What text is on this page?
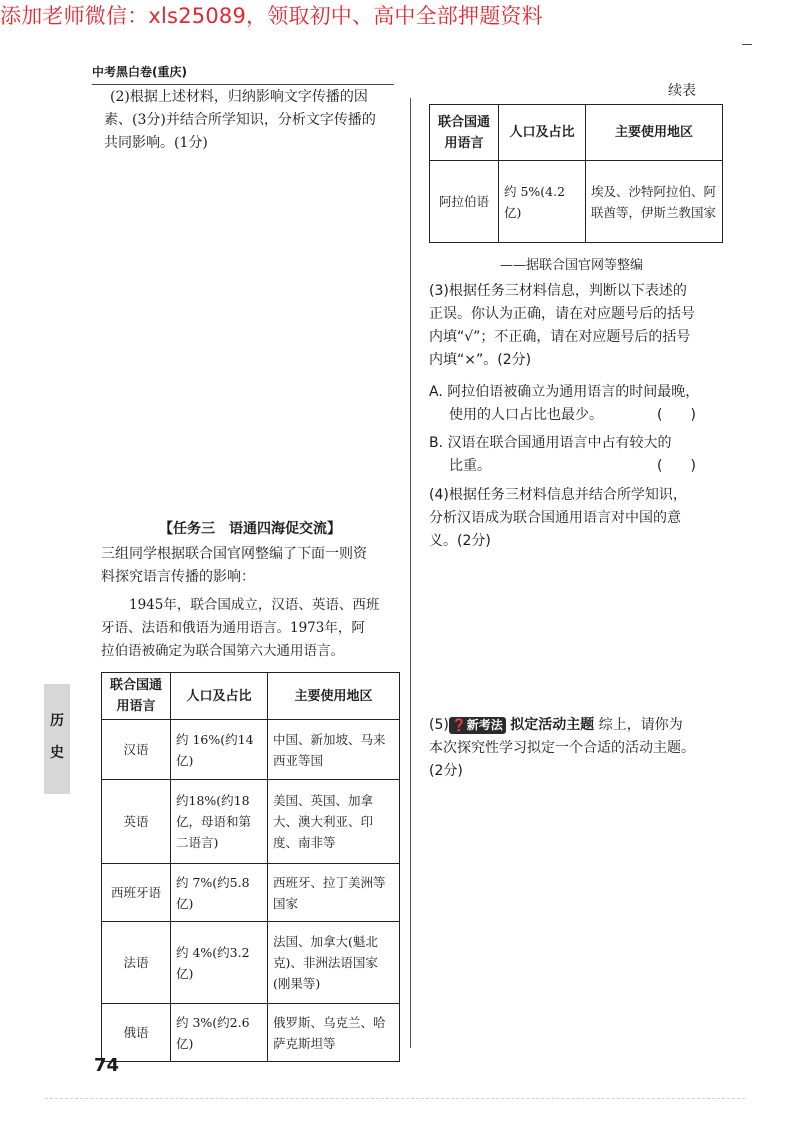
添加老师微信：xls25089，领取初中、高中全部押题资料
中考黑白卷(重庆)
续表
(2)根据上述材料，归纳影响文字传播的因
素、(3分)并结合所学知识，分析文字传播的
共同影响。(1分)
【任务三　语通四海促交流】
三组同学根据联合国官网整编了下面一则资
料探究语言传播的影响：
1945年，联合国成立，汉语、英语、西班
牙语、法语和俄语为通用语言。1973年，阿
拉伯语被确定为联合国第六大通用语言。
联合国通用语言	人口及占比	主要使用地区
汉语	约 16%(约14亿)	中国、新加坡、马来西亚等国
英语	约18%(约18亿，母语和第二语言)	美国、英国、加拿大、澳大利亚、印度、南非等
西班牙语	约 7%(约5.8亿)	西班牙、拉丁美洲等国家
法语	约 4%(约3.2亿)	法国、加拿大(魁北克)、非洲法语国家(刚果等)
俄语	约 3%(约2.6亿)	俄罗斯、乌克兰、哈萨克斯坦等
历
史
74
联合国通用语言	人口及占比	主要使用地区
阿拉伯语	约 5%(4.2亿)	埃及、沙特阿拉伯、阿联酋等，伊斯兰教国家
——据联合国官网等整编
(3)根据任务三材料信息，判断以下表述的
正误。你认为正确，请在对应题号后的括号
内填“√”；不正确，请在对应题号后的括号
内填“×”。(2分)
A. 阿拉伯语被确立为通用语言的时间最晚，
使用的人口占比也最少。	(　　)
B. 汉语在联合国通用语言中占有较大的
比重。	(　　)
(4)根据任务三材料信息并结合所学知识，
分析汉语成为联合国通用语言对中国的意
义。(2分)
(5) ❓新考法 拟定活动主题 综上，请你为
本次探究性学习拟定一个合适的活动主题。
(2分)
